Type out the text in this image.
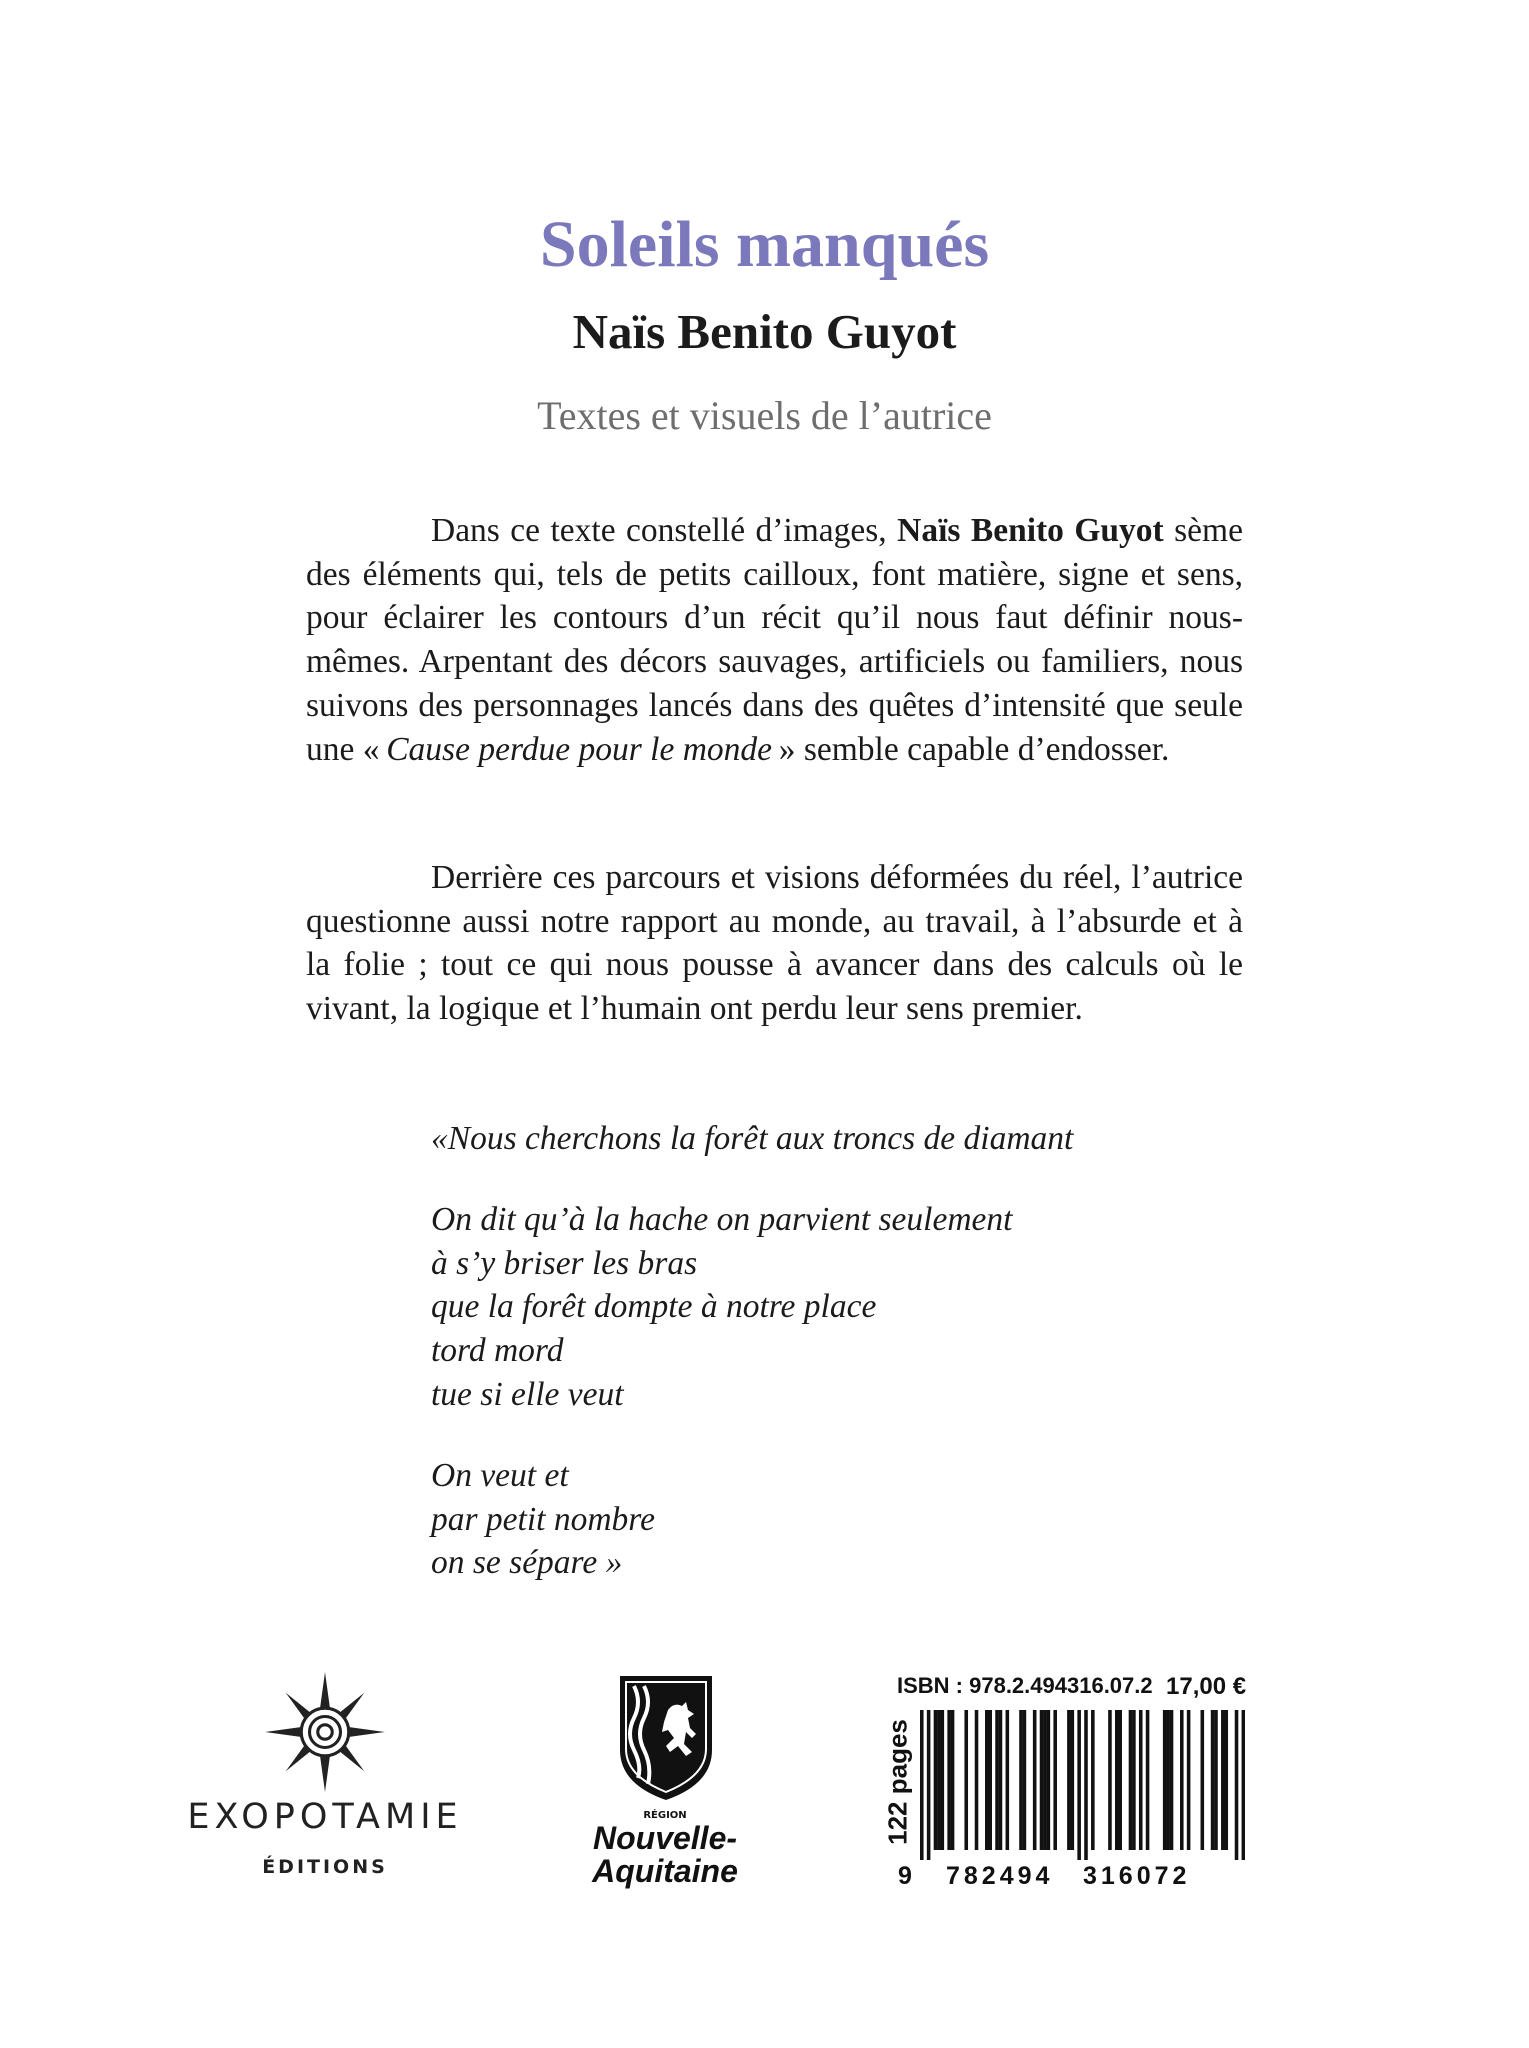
Soleils manqués
Naïs Benito Guyot
Textes et visuels de l’autrice

Dans ce texte constellé d’images, Naïs Benito Guyot sème des éléments qui, tels de petits cailloux, font matière, signe et sens, pour éclairer les contours d’un récit qu’il nous faut définir nous-mêmes. Arpentant des décors sauvages, artificiels ou familiers, nous suivons des personnages lancés dans des quêtes d’intensité que seule une « Cause perdue pour le monde » semble capable d’endosser.

Derrière ces parcours et visions déformées du réel, l’autrice questionne aussi notre rapport au monde, au travail, à l’absurde et à la folie ; tout ce qui nous pousse à avancer dans des calculs où le vivant, la logique et l’humain ont perdu leur sens premier.

«Nous cherchons la forêt aux troncs de diamant
On dit qu’à la hache on parvient seulement
à s’y briser les bras
que la forêt dompte à notre place
tord mord
tue si elle veut
On veut et
par petit nombre
on se sépare »
EXOPOTAMIE
ÉDITIONS
RÉGION
Nouvelle-
Aquitaine
ISBN : 978.2.494316.07.2 17,00 €
122 pages
9 782494 316072
